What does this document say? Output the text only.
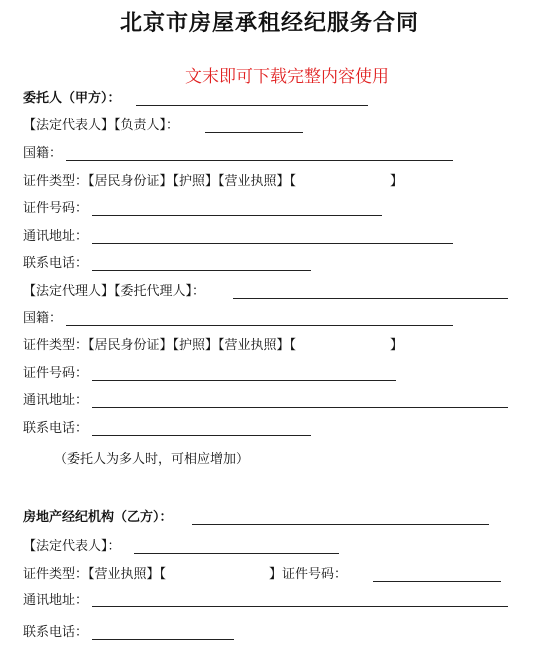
北京市房屋承租经纪服务合同
文末即可下载完整内容使用
委托人（甲方）：
【法定代表人】【负责人】：
国籍：
证件类型：【居民身份证】【护照】【营业执照】【	】
证件号码：
通讯地址：
联系电话：
【法定代理人】【委托代理人】：
国籍：
证件类型：【居民身份证】【护照】【营业执照】【	】
证件号码：
通讯地址：
联系电话：
（委托人为多人时，可相应增加）
房地产经纪机构（乙方）：
【法定代表人】：
证件类型：【营业执照】【	】证件号码：
通讯地址：
联系电话：
